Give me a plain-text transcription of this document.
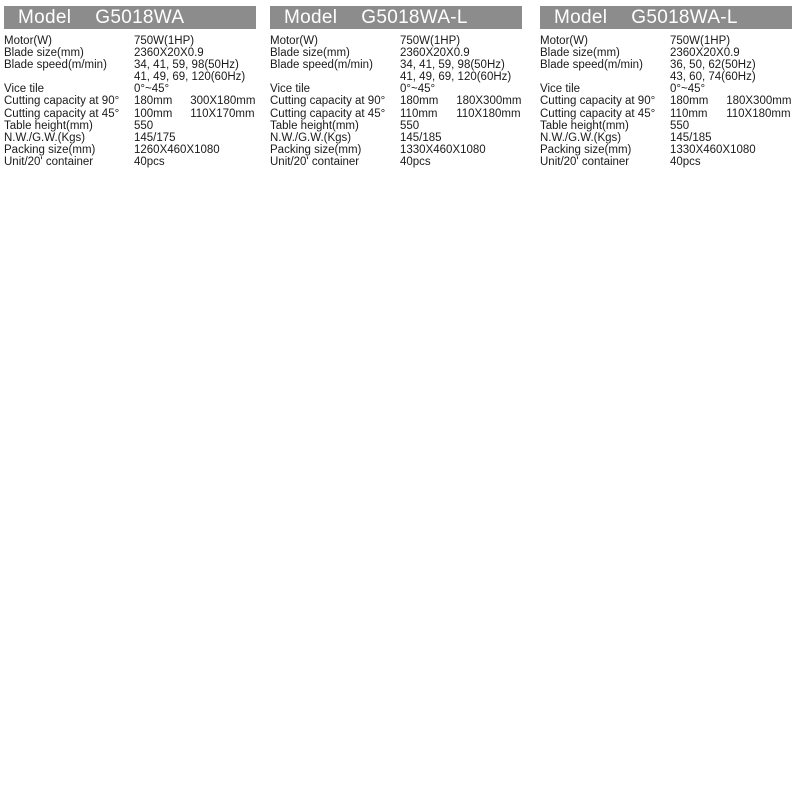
Model G5018WA
Motor(W)	750W(1HP)
Blade size(mm)	2360X20X0.9
Blade speed(m/min)	34, 41, 59, 98(50Hz)
41, 49, 69, 120(60Hz)
Vice tile	0°~45°
Cutting capacity at 90°	180mm 300X180mm
Cutting capacity at 45°	100mm 110X170mm
Table height(mm)	550
N.W./G.W.(Kgs)	145/175
Packing size(mm)	1260X460X1080
Unit/20' container	40pcs
Model G5018WA-L
Motor(W)	750W(1HP)
Blade size(mm)	2360X20X0.9
Blade speed(m/min)	34, 41, 59, 98(50Hz)
41, 49, 69, 120(60Hz)
Vice tile	0°~45°
Cutting capacity at 90°	180mm 180X300mm
Cutting capacity at 45°	110mm 110X180mm
Table height(mm)	550
N.W./G.W.(Kgs)	145/185
Packing size(mm)	1330X460X1080
Unit/20' container	40pcs
Model G5018WA-L
Motor(W)	750W(1HP)
Blade size(mm)	2360X20X0.9
Blade speed(m/min)	36, 50, 62(50Hz)
43, 60, 74(60Hz)
Vice tile	0°~45°
Cutting capacity at 90°	180mm 180X300mm
Cutting capacity at 45°	110mm 110X180mm
Table height(mm)	550
N.W./G.W.(Kgs)	145/185
Packing size(mm)	1330X460X1080
Unit/20' container	40pcs
